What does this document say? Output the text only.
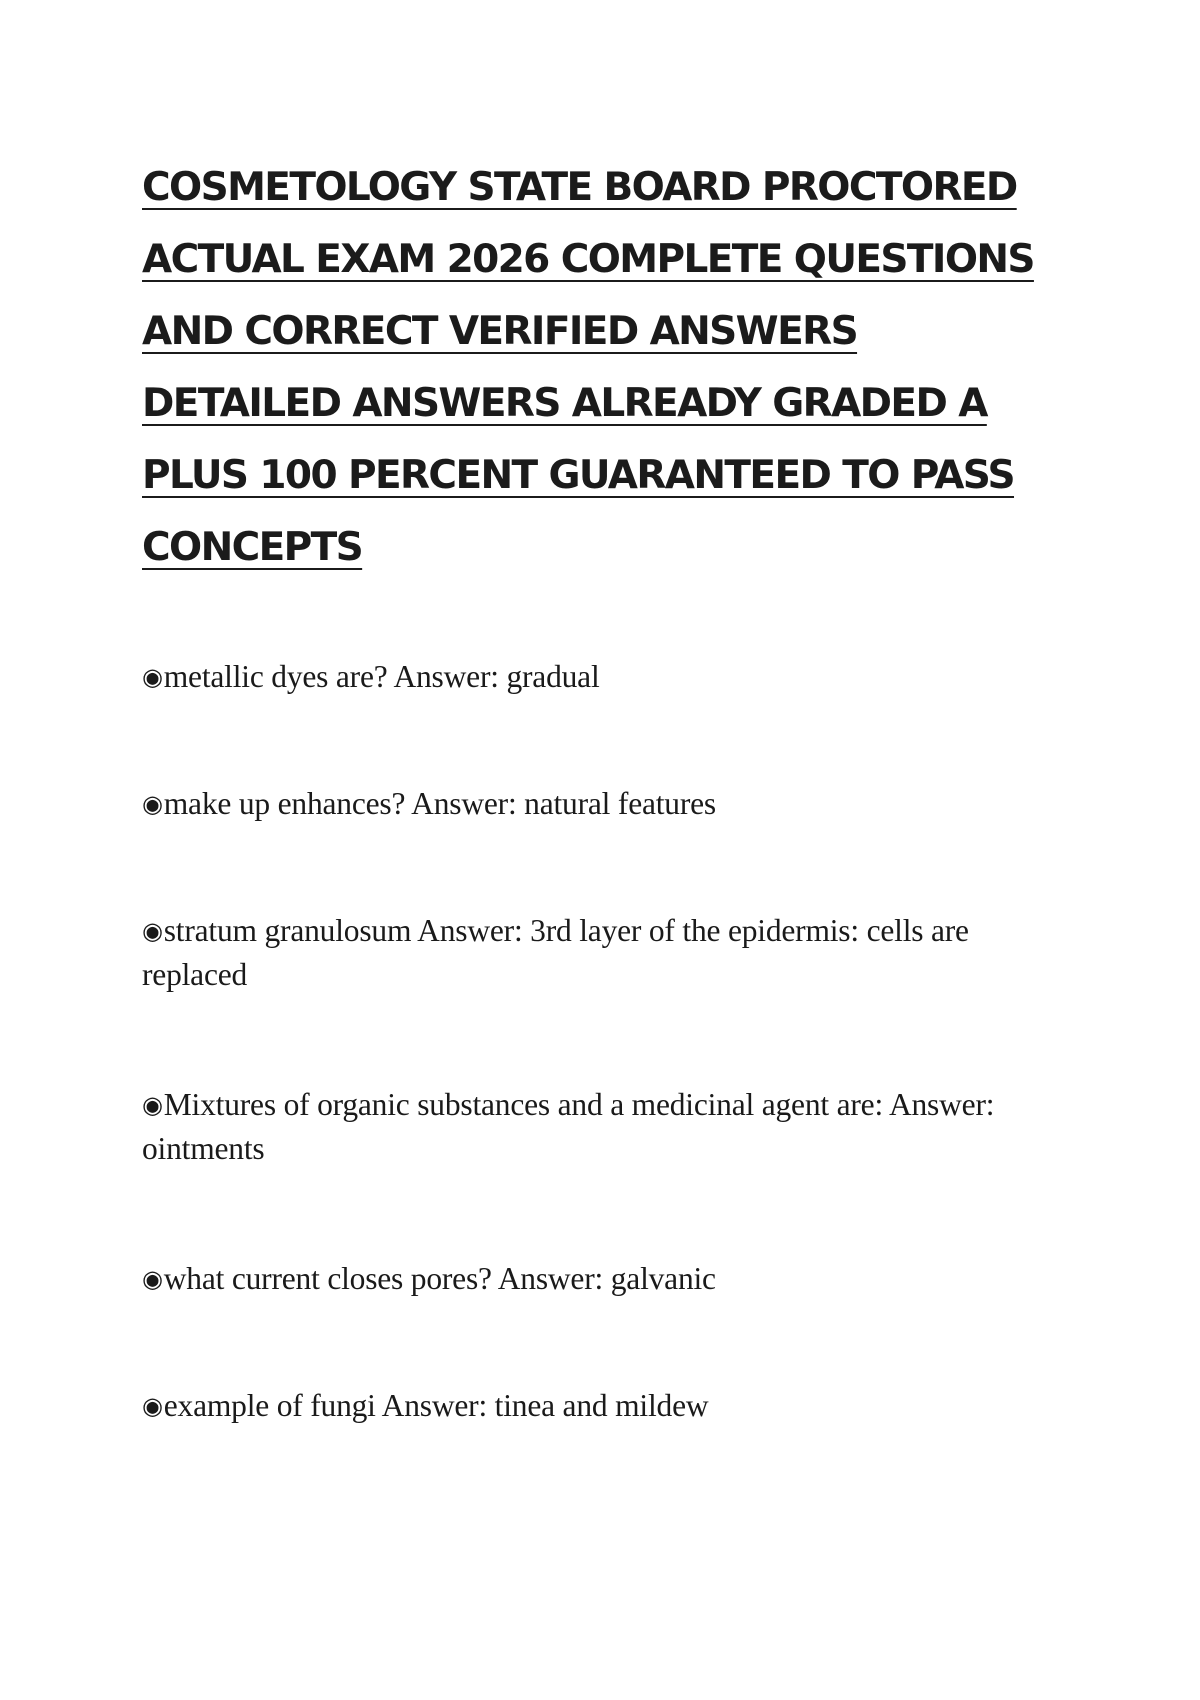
COSMETOLOGY STATE BOARD PROCTORED ACTUAL EXAM 2026 COMPLETE QUESTIONS AND CORRECT VERIFIED ANSWERS DETAILED ANSWERS ALREADY GRADED A PLUS 100 PERCENT GUARANTEED TO PASS CONCEPTS
◉metallic dyes are? Answer: gradual
◉make up enhances? Answer: natural features
◉stratum granulosum Answer: 3rd layer of the epidermis: cells are replaced
◉Mixtures of organic substances and a medicinal agent are: Answer: ointments
◉what current closes pores? Answer: galvanic
◉example of fungi Answer: tinea and mildew
